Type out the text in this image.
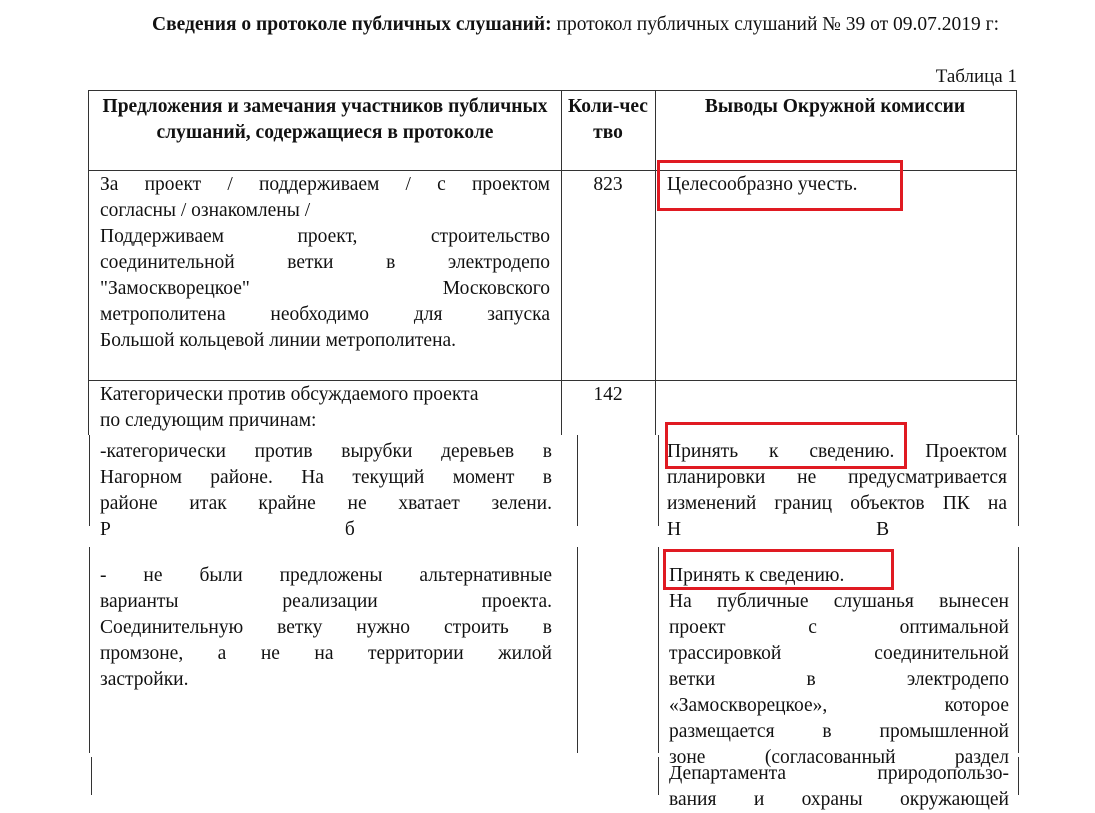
Сведения о протоколе публичных слушаний: протокол публичных слушаний № 39 от 09.07.2019 г:
Таблица 1
Предложения и замечания участников публичных слушаний, содержащиеся в протоколе
Коли-чество
Выводы Окружной комиссии
За проект / поддерживаем / с проектом
согласны / ознакомлены /
Поддерживаем проект, строительство
соединительной ветки в электродепо
"Замоскворецкое" Московского
метрополитена необходимо для запуска
Большой кольцевой линии метрополитена.
823	Целесообразно учесть.
Категорически против обсуждаемого проекта
по следующим причинам:
142
-категорически против вырубки деревьев в
Нагорном районе. На текущий момент в
районе итак крайне не хватает зелени.
Р                                                б
Принять к сведению. Проектом
планировки не предусматривается
изменений границ объектов ПК на
Н                                        В
- не были предложены альтернативные
варианты реализации проекта.
Соединительную ветку нужно строить в
промзоне, а не на территории жилой
застройки.
Принять к сведению.
На публичные слушанья вынесен
проект с оптимальной
трассировкой соединительной
ветки в электродепо
«Замоскворецкое», которое
размещается в промышленной
зоне (согласованный раздел
Департамента природопользо-
вания и охраны окружающей
